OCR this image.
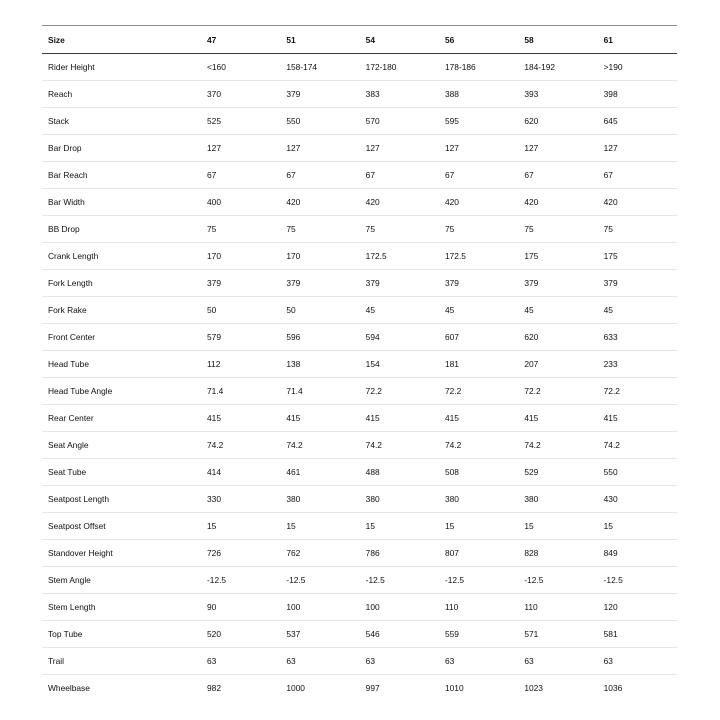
Size	47	51	54	56	58	61
Rider Height	<160	158-174	172-180	178-186	184-192	>190
Reach	370	379	383	388	393	398
Stack	525	550	570	595	620	645
Bar Drop	127	127	127	127	127	127
Bar Reach	67	67	67	67	67	67
Bar Width	400	420	420	420	420	420
BB Drop	75	75	75	75	75	75
Crank Length	170	170	172.5	172.5	175	175
Fork Length	379	379	379	379	379	379
Fork Rake	50	50	45	45	45	45
Front Center	579	596	594	607	620	633
Head Tube	112	138	154	181	207	233
Head Tube Angle	71.4	71.4	72.2	72.2	72.2	72.2
Rear Center	415	415	415	415	415	415
Seat Angle	74.2	74.2	74.2	74.2	74.2	74.2
Seat Tube	414	461	488	508	529	550
Seatpost Length	330	380	380	380	380	430
Seatpost Offset	15	15	15	15	15	15
Standover Height	726	762	786	807	828	849
Stem Angle	-12.5	-12.5	-12.5	-12.5	-12.5	-12.5
Stem Length	90	100	100	110	110	120
Top Tube	520	537	546	559	571	581
Trail	63	63	63	63	63	63
Wheelbase	982	1000	997	1010	1023	1036
